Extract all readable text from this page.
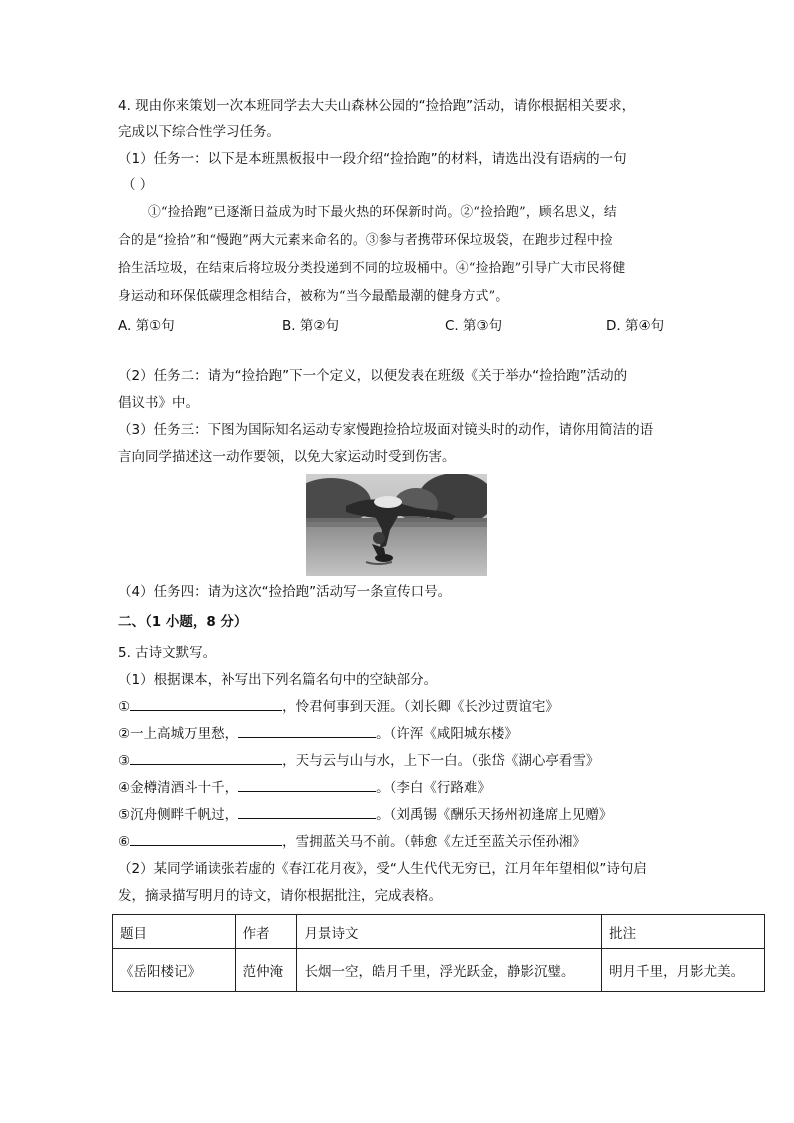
4. 现由你来策划一次本班同学去大夫山森林公园的“捡拾跑”活动，请你根据相关要求，
完成以下综合性学习任务。
（1）任务一：以下是本班黑板报中一段介绍“捡拾跑”的材料，请选出没有语病的一句
（ ）
①“捡拾跑”已逐渐日益成为时下最火热的环保新时尚。②“捡拾跑”，顾名思义，结
合的是“捡拾”和“慢跑”两大元素来命名的。③参与者携带环保垃圾袋，在跑步过程中捡
拾生活垃圾，在结束后将垃圾分类投递到不同的垃圾桶中。④“捡拾跑”引导广大市民将健
身运动和环保低碳理念相结合，被称为“当今最酷最潮的健身方式”。
A. 第①句	B. 第②句	C. 第③句	D. 第④句
（2）任务二：请为“捡拾跑”下一个定义，以便发表在班级《关于举办“捡拾跑”活动的
倡议书》中。
（3）任务三：下图为国际知名运动专家慢跑捡拾垃圾面对镜头时的动作，请你用简洁的语
言向同学描述这一动作要领，以免大家运动时受到伤害。
（4）任务四：请为这次“捡拾跑”活动写一条宣传口号。
二、（1 小题，8 分）
5. 古诗文默写。
（1）根据课本，补写出下列名篇名句中的空缺部分。
①	，怜君何事到天涯。（刘长卿《长沙过贾谊宅》
②一上高城万里愁，	。（许浑《咸阳城东楼》
③	，天与云与山与水，上下一白。（张岱《湖心亭看雪》
④金樽清酒斗十千，	。（李白《行路难》
⑤沉舟侧畔千帆过，	。（刘禹锡《酬乐天扬州初逢席上见赠》
⑥	，雪拥蓝关马不前。（韩愈《左迁至蓝关示侄孙湘》
（2）某同学诵读张若虚的《春江花月夜》，受“人生代代无穷已，江月年年望相似”诗句启
发，摘录描写明月的诗文，请你根据批注，完成表格。
题目	作者	月景诗文	批注
《岳阳楼记》	范仲淹	长烟一空，皓月千里，浮光跃金，静影沉璧。	明月千里，月影尤美。
